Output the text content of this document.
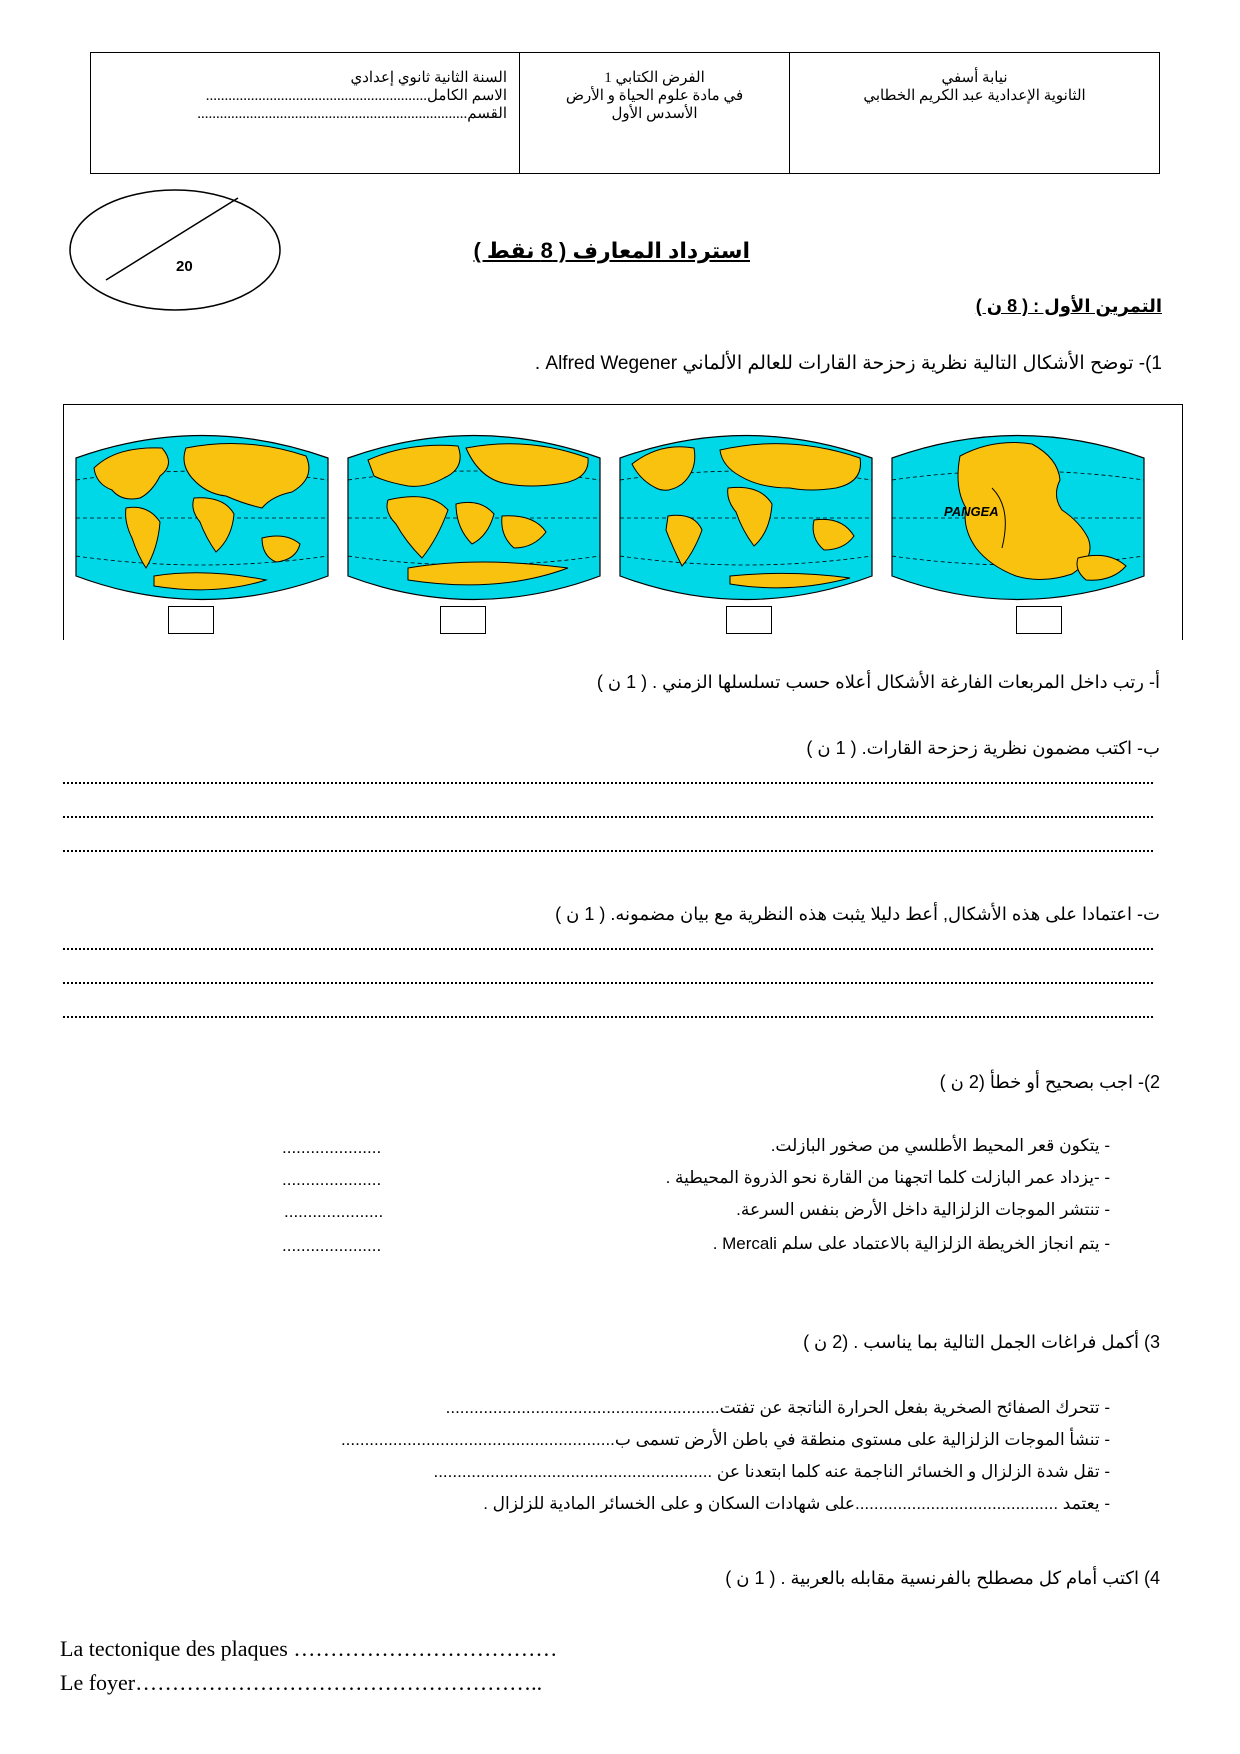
السنة الثانية ثانوي إعدادي
الاسم الكامل...........................................................
القسم........................................................................
الفرض الكتابي 1
في مادة علوم الحياة و الأرض
الأسدس الأول
نيابة أسفي
الثانوية الإعدادية عبد الكريم الخطابي
20
استرداد المعارف ( 8 نقط )
التمرين الأول : ( 8 ن )
1)- توضح الأشكال التالية نظرية زحزحة القارات للعالم الألماني Alfred Wegener .
PANGEA
أ- رتب داخل المربعات الفارغة الأشكال أعلاه حسب تسلسلها الزمني . ( 1 ن )
ب- اكتب مضمون نظرية زحزحة القارات. ( 1 ن )
ت- اعتمادا على هذه الأشكال, أعط دليلا يثبت هذه النظرية مع بيان مضمونه. ( 1 ن )
2)- اجب بصحيح أو خطأ (2 ن )
- يتكون قعر المحيط الأطلسي من صخور البازلت.
.....................
- -يزداد عمر البازلت كلما اتجهنا من القارة نحو الذروة المحيطية .
.....................
- تنتشر الموجات الزلزالية داخل الأرض بنفس السرعة.
.....................
- يتم انجاز الخريطة الزلزالية بالاعتماد على سلم Mercali .
.....................
3) أكمل فراغات الجمل التالية بما يناسب . (2 ن )
- تتحرك الصفائح الصخرية بفعل الحرارة الناتجة عن تفتت..........................................................
- تنشأ الموجات الزلزالية على مستوى منطقة في باطن الأرض تسمى ب..........................................................
- تقل شدة الزلزال و الخسائر الناجمة عنه كلما ابتعدنا عن ...........................................................
- يعتمد ...........................................على شهادات السكان و على الخسائر المادية للزلزال .
4) اكتب أمام كل مصطلح بالفرنسية مقابله بالعربية . ( 1 ن )
La tectonique des plaques ………………………………
Le foyer………………………………………………..
